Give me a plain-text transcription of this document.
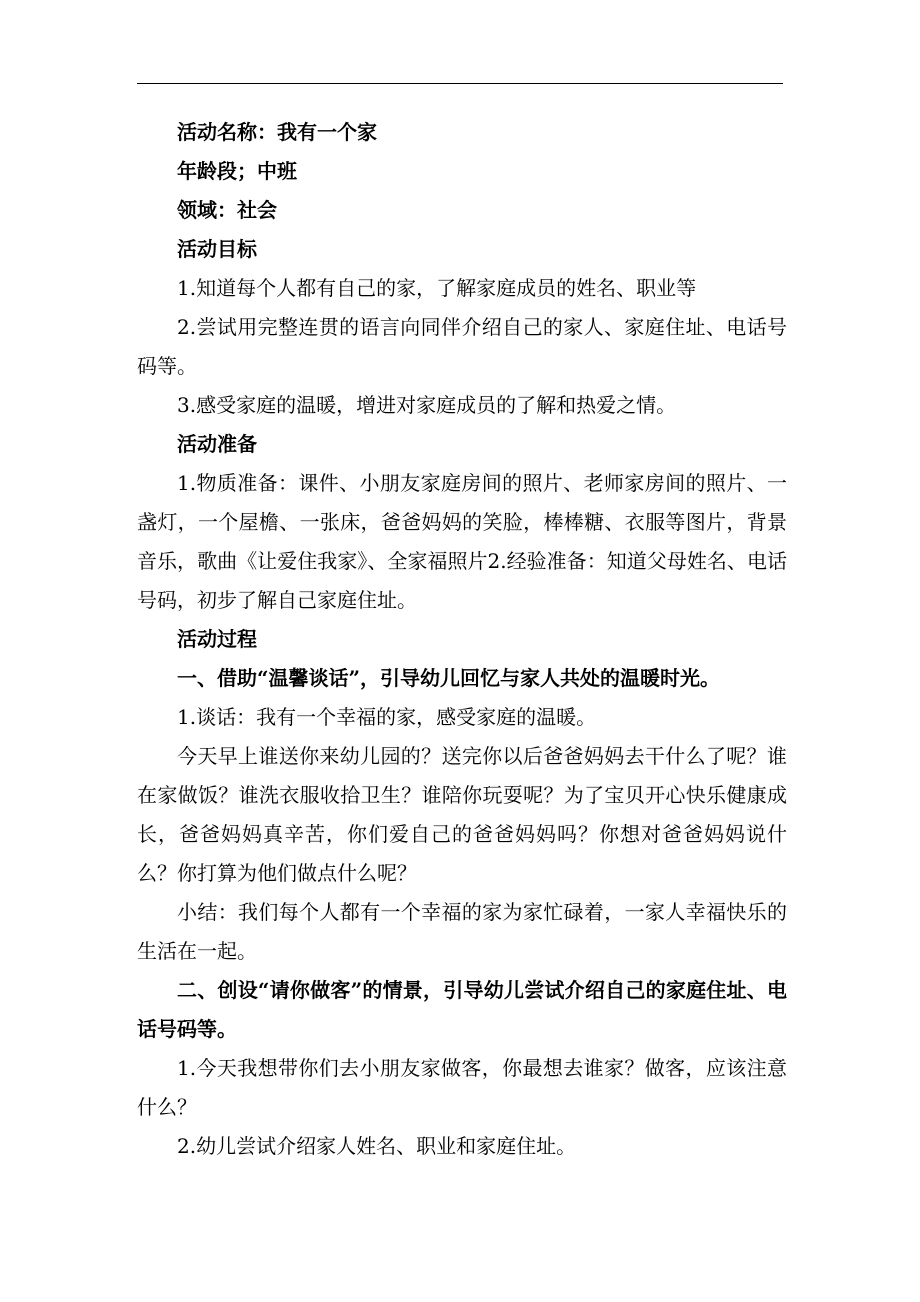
活动名称：我有一个家
年龄段；中班
领域：社会
活动目标
1.知道每个人都有自己的家，了解家庭成员的姓名、职业等
2.尝试用完整连贯的语言向同伴介绍自己的家人、家庭住址、电话号码等。
3.感受家庭的温暖，增进对家庭成员的了解和热爱之情。
活动准备
1.物质准备：课件、小朋友家庭房间的照片、老师家房间的照片、一盏灯，一个屋檐、一张床，爸爸妈妈的笑脸，棒棒糖、衣服等图片，背景音乐，歌曲《让爱住我家》、全家福照片2.经验准备：知道父母姓名、电话号码，初步了解自己家庭住址。
活动过程
一、借助“温馨谈话”，引导幼儿回忆与家人共处的温暖时光。
1.谈话：我有一个幸福的家，感受家庭的温暖。
今天早上谁送你来幼儿园的？送完你以后爸爸妈妈去干什么了呢？谁在家做饭？谁洗衣服收拾卫生？谁陪你玩耍呢？为了宝贝开心快乐健康成长，爸爸妈妈真辛苦，你们爱自己的爸爸妈妈吗？你想对爸爸妈妈说什么？你打算为他们做点什么呢？
小结：我们每个人都有一个幸福的家为家忙碌着，一家人幸福快乐的生活在一起。
二、创设“请你做客”的情景，引导幼儿尝试介绍自己的家庭住址、电话号码等。
1.今天我想带你们去小朋友家做客，你最想去谁家？做客，应该注意什么？
2.幼儿尝试介绍家人姓名、职业和家庭住址。
